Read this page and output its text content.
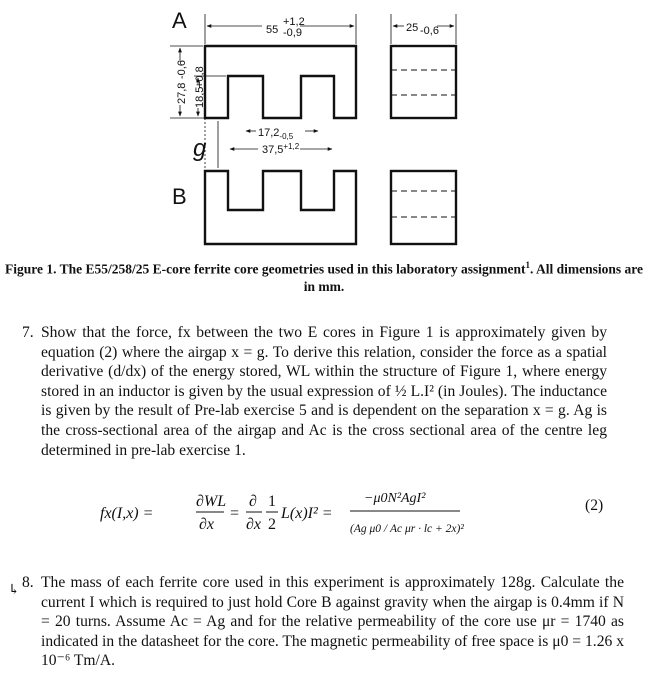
A
B
g
55
+1,2
-0,9	25 -0,6
27,8
-0,6
18,5
+0,8
$17,2_{-0,5}$
$37,5^{+1,2}$
Figure 1. The E55/258/25 E-core ferrite core geometries used in this laboratory assignment$^1$. All dimensions are in mm.
7. Show that the force, fx between the two E cores in Figure 1 is approximately given by equation (2) where the airgap x = g. To derive this relation, consider the force as a spatial derivative (d/dx) of the energy stored, WL within the structure of Figure 1, where energy stored in an inductor is given by the usual expression of ½ L.I² (in Joules). The inductance is given by the result of Pre-lab exercise 5 and is dependent on the separation x = g. Ag is the cross-sectional area of the airgap and Ac is the cross sectional area of the centre leg determined in pre-lab exercise 1.
fx(I,x) =
∂WL
∂x
=
∂
∂x
1
2
L(x)I² =
−μ0N²AgI²
(Ag μ0 / Ac μr · lc + 2x)²
(2)
↳ 8. The mass of each ferrite core used in this experiment is approximately 128g. Calculate the current I which is required to just hold Core B against gravity when the airgap is 0.4mm if N = 20 turns. Assume Ac = Ag and for the relative permeability of the core use μr = 1740 as indicated in the datasheet for the core. The magnetic permeability of free space is μ0 = 1.26 x 10⁻⁶ Tm/A.
